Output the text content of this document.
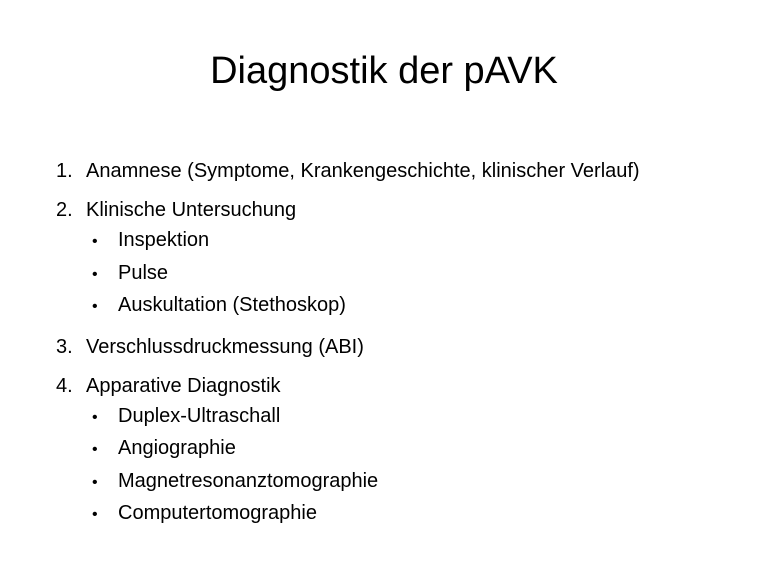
Diagnostik der pAVK
1. Anamnese (Symptome, Krankengeschichte, klinischer Verlauf)
2. Klinische Untersuchung
•	Inspektion
•	Pulse
•	Auskultation (Stethoskop)
3. Verschlussdruckmessung (ABI)
4. Apparative Diagnostik
•	Duplex-Ultraschall
•	Angiographie
•	Magnetresonanztomographie
•	Computertomographie
